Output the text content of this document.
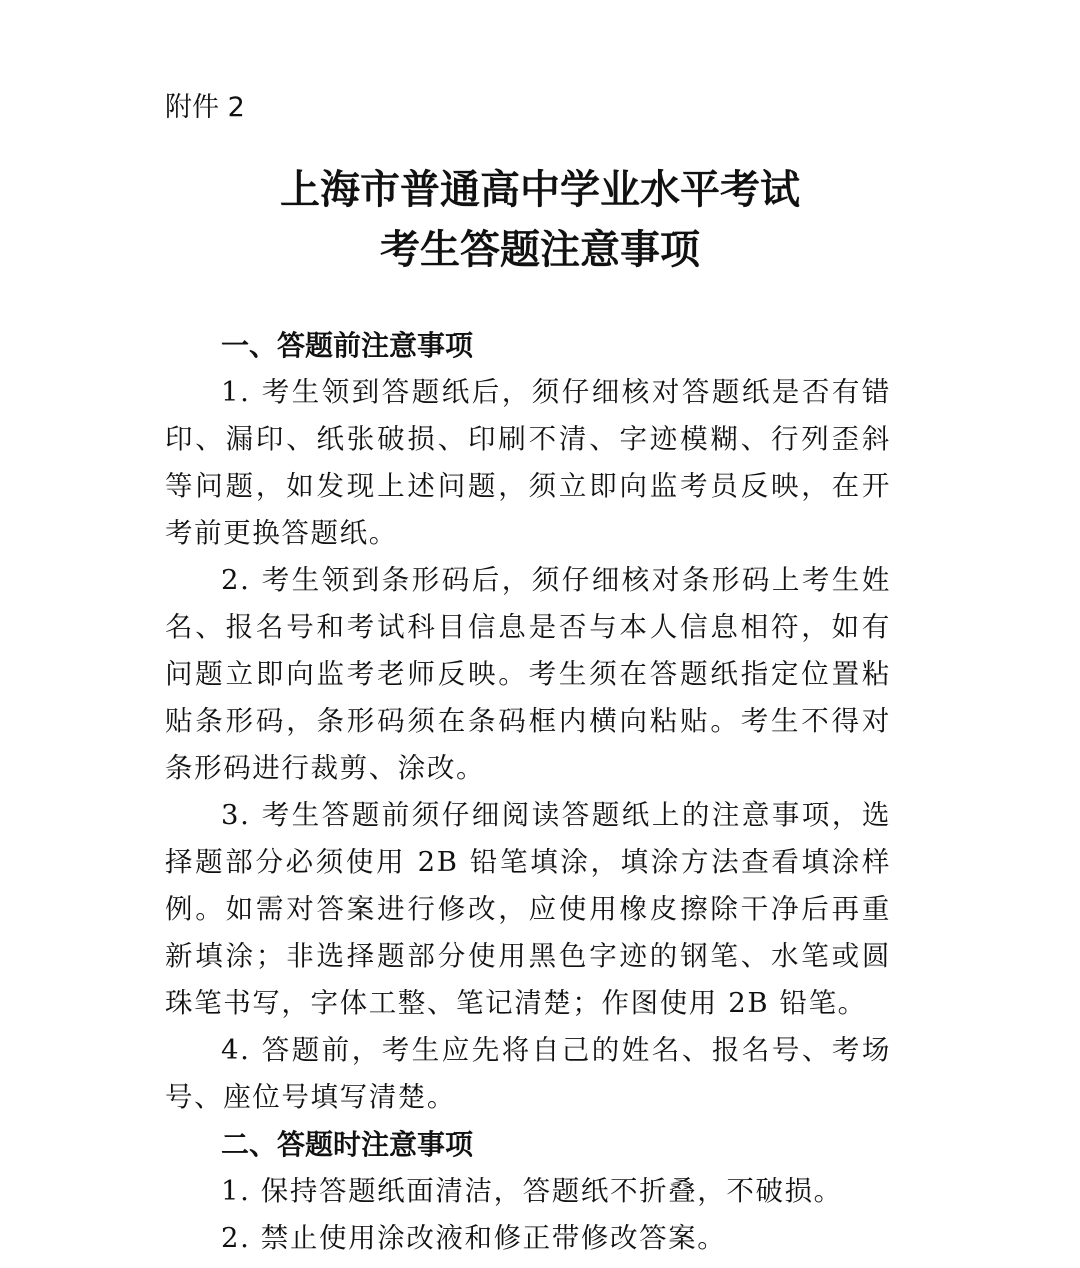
附件 2

上海市普通高中学业水平考试
考生答题注意事项
一、答题前注意事项

1. 考生领到答题纸后，须仔细核对答题纸是否有错印、漏印、纸张破损、印刷不清、字迹模糊、行列歪斜等问题，如发现上述问题，须立即向监考员反映，在开考前更换答题纸。

2. 考生领到条形码后，须仔细核对条形码上考生姓名、报名号和考试科目信息是否与本人信息相符，如有问题立即向监考老师反映。考生须在答题纸指定位置粘贴条形码，条形码须在条码框内横向粘贴。考生不得对条形码进行裁剪、涂改。

3. 考生答题前须仔细阅读答题纸上的注意事项，选择题部分必须使用 2B 铅笔填涂，填涂方法查看填涂样例。如需对答案进行修改，应使用橡皮擦除干净后再重新填涂；非选择题部分使用黑色字迹的钢笔、水笔或圆珠笔书写，字体工整、笔记清楚；作图使用 2B 铅笔。

4. 答题前，考生应先将自己的姓名、报名号、考场号、座位号填写清楚。

二、答题时注意事项

1. 保持答题纸面清洁，答题纸不折叠，不破损。

2. 禁止使用涂改液和修正带修改答案。
